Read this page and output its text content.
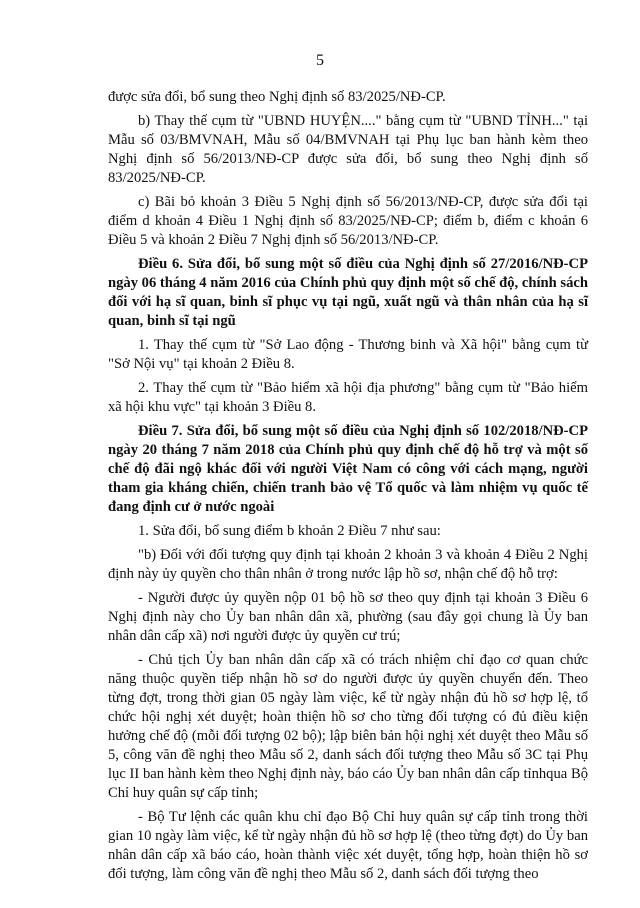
5

được sửa đổi, bổ sung theo Nghị định số 83/2025/NĐ-CP.

b) Thay thế cụm từ "UBND HUYỆN...." bằng cụm từ "UBND TỈNH..." tại Mẫu số 03/BMVNAH, Mẫu số 04/BMVNAH tại Phụ lục ban hành kèm theo Nghị định số 56/2013/NĐ-CP được sửa đổi, bổ sung theo Nghị định số 83/2025/NĐ-CP.

c) Bãi bỏ khoản 3 Điều 5 Nghị định số 56/2013/NĐ-CP, được sửa đổi tại điểm d khoản 4 Điều 1 Nghị định số 83/2025/NĐ-CP; điểm b, điểm c khoản 6 Điều 5 và khoản 2 Điều 7 Nghị định số 56/2013/NĐ-CP.

Điều 6. Sửa đổi, bổ sung một số điều của Nghị định số 27/2016/NĐ-CP ngày 06 tháng 4 năm 2016 của Chính phủ quy định một số chế độ, chính sách đối với hạ sĩ quan, binh sĩ phục vụ tại ngũ, xuất ngũ và thân nhân của hạ sĩ quan, binh sĩ tại ngũ

1. Thay thế cụm từ "Sở Lao động - Thương binh và Xã hội" bằng cụm từ "Sở Nội vụ" tại khoản 2 Điều 8.

2. Thay thế cụm từ "Bảo hiểm xã hội địa phương" bằng cụm từ "Bảo hiểm xã hội khu vực" tại khoản 3 Điều 8.

Điều 7. Sửa đổi, bổ sung một số điều của Nghị định số 102/2018/NĐ-CP ngày 20 tháng 7 năm 2018 của Chính phủ quy định chế độ hỗ trợ và một số chế độ đãi ngộ khác đối với người Việt Nam có công với cách mạng, người tham gia kháng chiến, chiến tranh bảo vệ Tổ quốc và làm nhiệm vụ quốc tế đang định cư ở nước ngoài

1. Sửa đổi, bổ sung điểm b khoản 2 Điều 7 như sau:

"b) Đối với đối tượng quy định tại khoản 2 khoản 3 và khoản 4 Điều 2 Nghị định này ủy quyền cho thân nhân ở trong nước lập hồ sơ, nhận chế độ hỗ trợ:

- Người được ủy quyền nộp 01 bộ hồ sơ theo quy định tại khoản 3 Điều 6 Nghị định này cho Ủy ban nhân dân xã, phường (sau đây gọi chung là Ủy ban nhân dân cấp xã) nơi người được ủy quyền cư trú;

- Chủ tịch Ủy ban nhân dân cấp xã có trách nhiệm chỉ đạo cơ quan chức năng thuộc quyền tiếp nhận hồ sơ do người được ủy quyền chuyển đến. Theo từng đợt, trong thời gian 05 ngày làm việc, kể từ ngày nhận đủ hồ sơ hợp lệ, tổ chức hội nghị xét duyệt; hoàn thiện hồ sơ cho từng đối tượng có đủ điều kiện hưởng chế độ (mỗi đối tượng 02 bộ); lập biên bản hội nghị xét duyệt theo Mẫu số 5, công văn đề nghị theo Mẫu số 2, danh sách đối tượng theo Mẫu số 3C tại Phụ lục II ban hành kèm theo Nghị định này, báo cáo Ủy ban nhân dân cấp tỉnhqua Bộ Chỉ huy quân sự cấp tỉnh;

- Bộ Tư lệnh các quân khu chỉ đạo Bộ Chỉ huy quân sự cấp tỉnh trong thời gian 10 ngày làm việc, kể từ ngày nhận đủ hồ sơ hợp lệ (theo từng đợt) do Ủy ban nhân dân cấp xã báo cáo, hoàn thành việc xét duyệt, tổng hợp, hoàn thiện hồ sơ đối tượng, làm công văn đề nghị theo Mẫu số 2, danh sách đối tượng theo
